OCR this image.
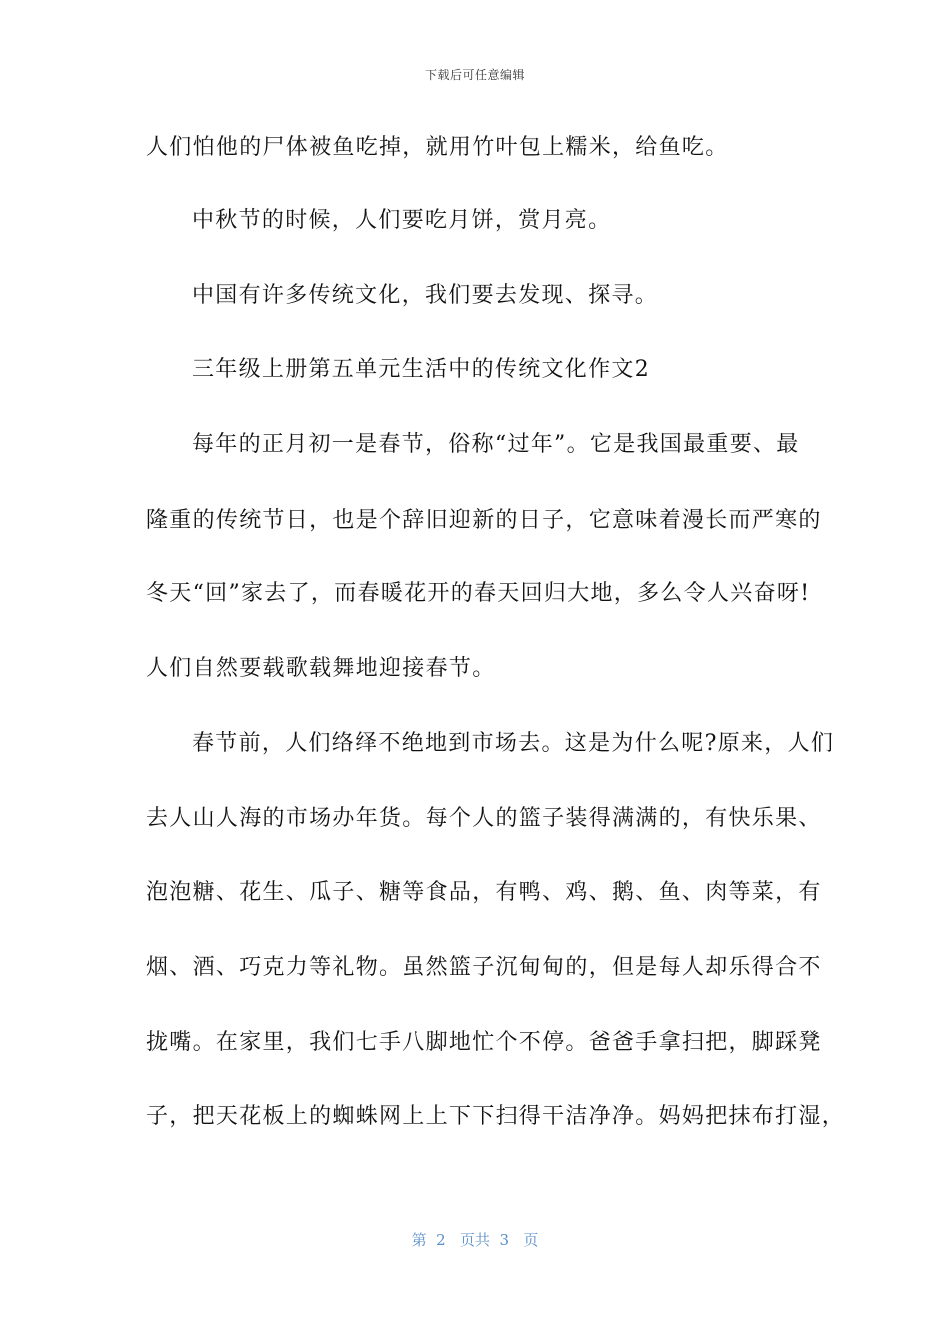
下载后可任意编辑
人们怕他的尸体被鱼吃掉，就用竹叶包上糯米，给鱼吃。
中秋节的时候，人们要吃月饼，赏月亮。
中国有许多传统文化，我们要去发现、探寻。
三年级上册第五单元生活中的传统文化作文2
每年的正月初一是春节，俗称“过年”。它是我国最重要、最
隆重的传统节日，也是个辞旧迎新的日子，它意味着漫长而严寒的
冬天“回”家去了，而春暖花开的春天回归大地，多么令人兴奋呀!
人们自然要载歌载舞地迎接春节。
春节前，人们络绎不绝地到市场去。这是为什么呢?原来，人们
去人山人海的市场办年货。每个人的篮子装得满满的，有快乐果、
泡泡糖、花生、瓜子、糖等食品，有鸭、鸡、鹅、鱼、肉等菜，有
烟、酒、巧克力等礼物。虽然篮子沉甸甸的，但是每人却乐得合不
拢嘴。在家里，我们七手八脚地忙个不停。爸爸手拿扫把，脚踩凳
子，把天花板上的蜘蛛网上上下下扫得干洁净净。妈妈把抹布打湿，
第  2   页共  3   页
